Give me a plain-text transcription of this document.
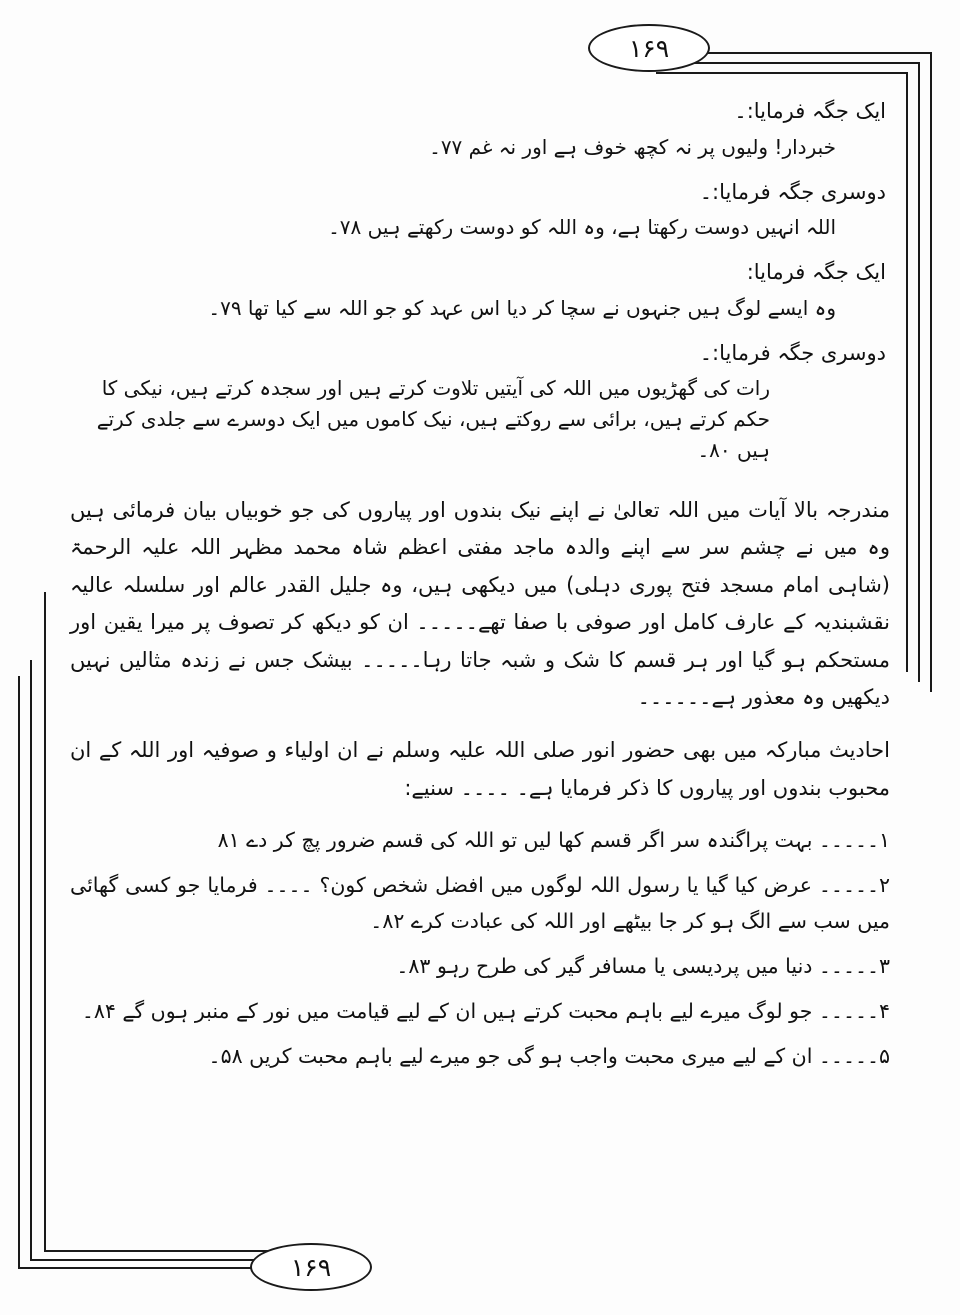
۱۶۹
۱۶۹

ایک جگہ فرمایا:۔

خبردار! ولیوں پر نہ کچھ خوف ہے اور نہ غم ۷۷۔

دوسری جگہ فرمایا:۔

اللہ انہیں دوست رکھتا ہے، وہ اللہ کو دوست رکھتے ہیں ۷۸۔

ایک جگہ فرمایا:

وہ ایسے لوگ ہیں جنہوں نے سچا کر دیا اس عہد کو جو اللہ سے کیا تھا ۷۹۔

دوسری جگہ فرمایا:۔

رات کی گھڑیوں میں اللہ کی آیتیں تلاوت کرتے ہیں اور سجدہ کرتے ہیں، نیکی کا حکم کرتے ہیں، برائی سے روکتے ہیں، نیک کاموں میں ایک دوسرے سے جلدی کرتے ہیں ۸۰۔

مندرجہ بالا آیات میں اللہ تعالیٰ نے اپنے نیک بندوں اور پیاروں کی جو خوبیاں بیان فرمائی ہیں وہ میں نے چشم سر سے اپنے والدہ ماجد مفتی اعظم شاہ محمد مظہر اللہ علیہ الرحمۃ (شاہی امام مسجد فتح پوری دہلی) میں دیکھی ہیں، وہ جلیل القدر عالم اور سلسلہ عالیہ نقشبندیہ کے عارف کامل اور صوفی با صفا تھے۔۔۔۔۔ ان کو دیکھ کر تصوف پر میرا یقین اور مستحکم ہو گیا اور ہر قسم کا شک و شبہ جاتا رہا۔۔۔۔۔ بیشک جس نے زندہ مثالیں نہیں دیکھیں وہ معذور ہے۔۔۔۔۔۔

احادیث مبارکہ میں بھی حضور انور صلی اللہ علیہ وسلم نے ان اولیاء و صوفیہ اور اللہ کے ان محبوب بندوں اور پیاروں کا ذکر فرمایا ہے۔ ۔۔۔۔ سنیے:

۱۔۔۔۔۔ بہت پراگندہ سر اگر قسم کھا لیں تو اللہ کی قسم ضرور پچ کر دے ۸۱
۲۔۔۔۔۔ عرض کیا گیا یا رسول اللہ لوگوں میں افضل شخص کون؟ ۔۔۔۔ فرمایا جو کسی گھائی میں سب سے الگ ہو کر جا بیٹھے اور اللہ کی عبادت کرے ۸۲۔
۳۔۔۔۔۔ دنیا میں پردیسی یا مسافر گیر کی طرح رہو ۸۳۔
۴۔۔۔۔۔ جو لوگ میرے لیے باہم محبت کرتے ہیں ان کے لیے قیامت میں نور کے منبر ہوں گے ۸۴۔
۵۔۔۔۔۔ ان کے لیے میری محبت واجب ہو گی جو میرے لیے باہم محبت کریں ۵۸۔
